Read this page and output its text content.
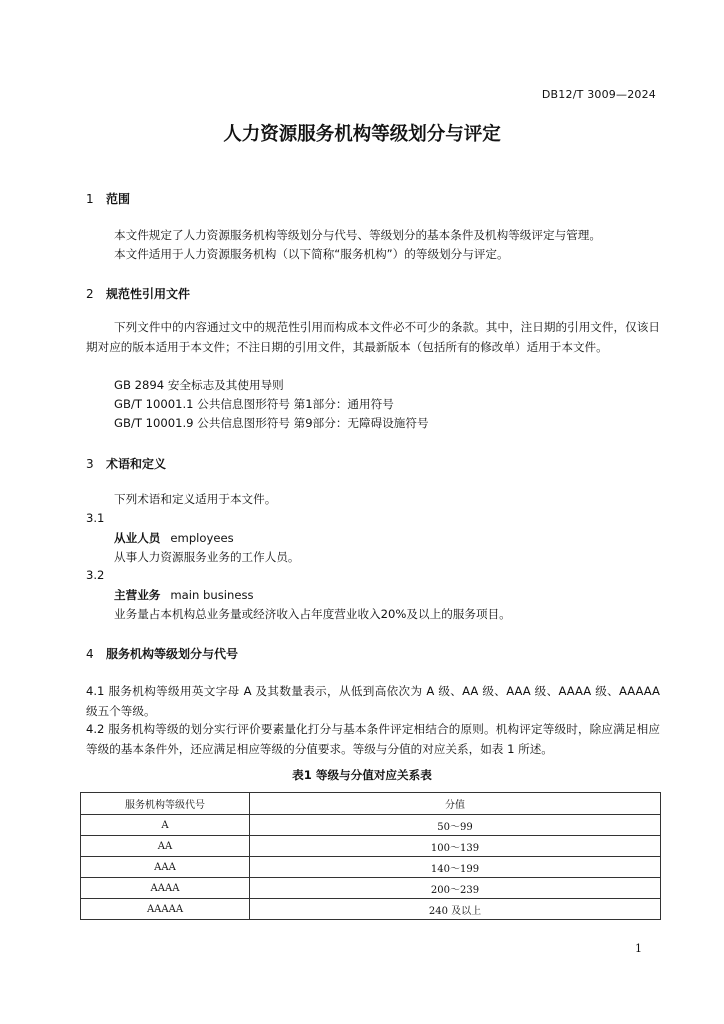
DB12/T 3009—2024
人力资源服务机构等级划分与评定
1 范围
本文件规定了人力资源服务机构等级划分与代号、等级划分的基本条件及机构等级评定与管理。
本文件适用于人力资源服务机构（以下简称“服务机构”）的等级划分与评定。
2 规范性引用文件
下列文件中的内容通过文中的规范性引用而构成本文件必不可少的条款。其中，注日期的引用文件，仅该日期对应的版本适用于本文件；不注日期的引用文件，其最新版本（包括所有的修改单）适用于本文件。
GB 2894 安全标志及其使用导则
GB/T 10001.1 公共信息图形符号 第1部分：通用符号
GB/T 10001.9 公共信息图形符号 第9部分：无障碍设施符号
3 术语和定义
下列术语和定义适用于本文件。
3.1
从业人员 employees
从事人力资源服务业务的工作人员。
3.2
主营业务 main business
业务量占本机构总业务量或经济收入占年度营业收入20%及以上的服务项目。
4 服务机构等级划分与代号
4.1 服务机构等级用英文字母 A 及其数量表示，从低到高依次为 A 级、AA 级、AAA 级、AAAA 级、AAAAA 级五个等级。
4.2 服务机构等级的划分实行评价要素量化打分与基本条件评定相结合的原则。机构评定等级时，除应满足相应等级的基本条件外，还应满足相应等级的分值要求。等级与分值的对应关系，如表 1 所述。
表1 等级与分值对应关系表
服务机构等级代号	分值
A	50～99
AA	100～139
AAA	140～199
AAAA	200～239
AAAAA	240 及以上
1
